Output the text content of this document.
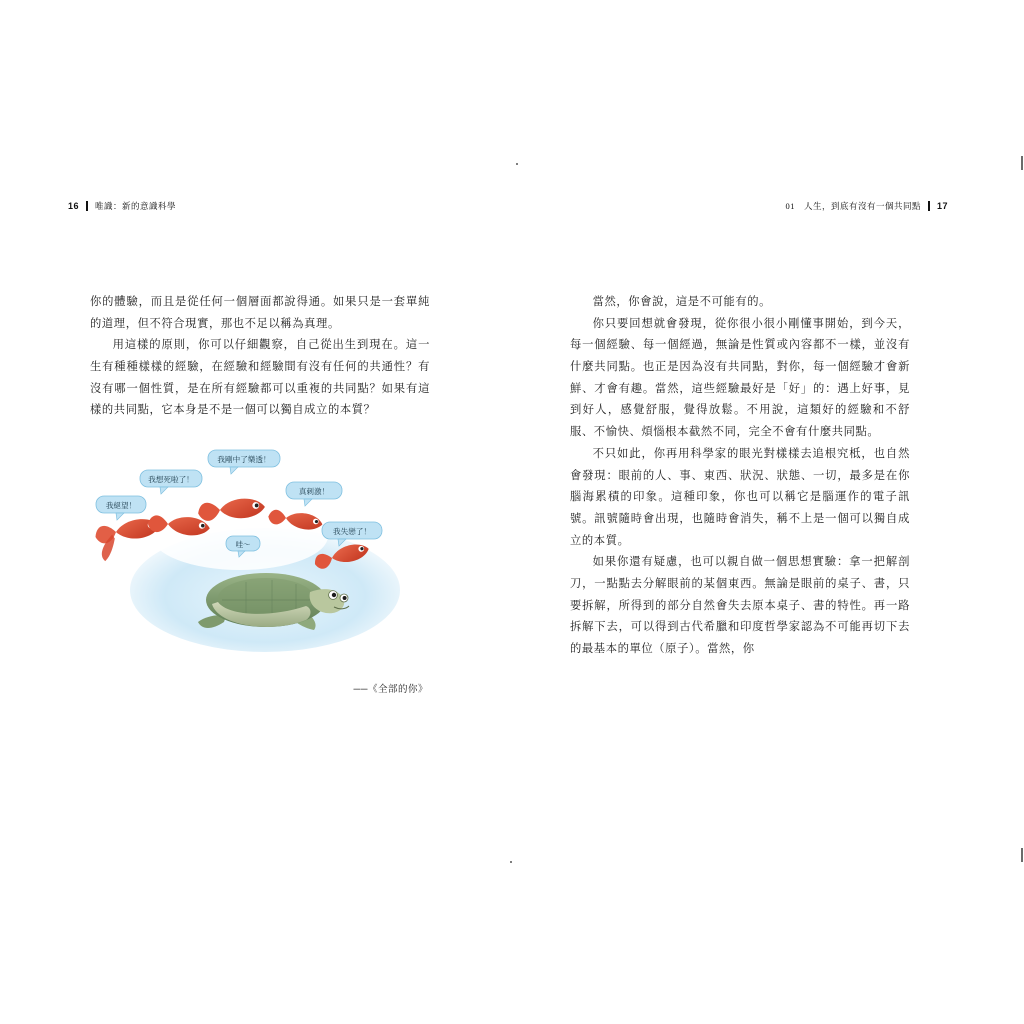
16 唯識：新的意識科學

你的體驗，而且是從任何一個層面都說得通。如果只是一套單純的道理，但不符合現實，那也不足以稱為真理。

用這樣的原則，你可以仔細觀察，自己從出生到現在。這一生有種種樣樣的經驗，在經驗和經驗間有沒有任何的共通性？有沒有哪一個性質，是在所有經驗都可以重複的共同點？如果有這樣的共同點，它本身是不是一個可以獨自成立的本質？

我絕望！
我想死啦了！
我剛中了樂透！
真刺激！
哇～
我失戀了！
──《全部的你》
01　人生，到底有沒有一個共同點 17

當然，你會說，這是不可能有的。

你只要回想就會發現，從你很小很小剛懂事開始，到今天，每一個經驗、每一個經過，無論是性質或內容都不一樣，並沒有什麼共同點。也正是因為沒有共同點，對你，每一個經驗才會新鮮、才會有趣。當然，這些經驗最好是「好」的：遇上好事，見到好人，感覺舒服，覺得放鬆。不用說，這類好的經驗和不舒服、不愉快、煩惱根本截然不同，完全不會有什麼共同點。

不只如此，你再用科學家的眼光對樣樣去追根究柢，也自然會發現：眼前的人、事、東西、狀況、狀態、一切，最多是在你腦海累積的印象。這種印象，你也可以稱它是腦運作的電子訊號。訊號隨時會出現，也隨時會消失，稱不上是一個可以獨自成立的本質。

如果你還有疑慮，也可以親自做一個思想實驗：拿一把解剖刀，一點點去分解眼前的某個東西。無論是眼前的桌子、書，只要拆解，所得到的部分自然會失去原本桌子、書的特性。再一路拆解下去，可以得到古代希臘和印度哲學家認為不可能再切下去的最基本的單位（原子）。當然，你
